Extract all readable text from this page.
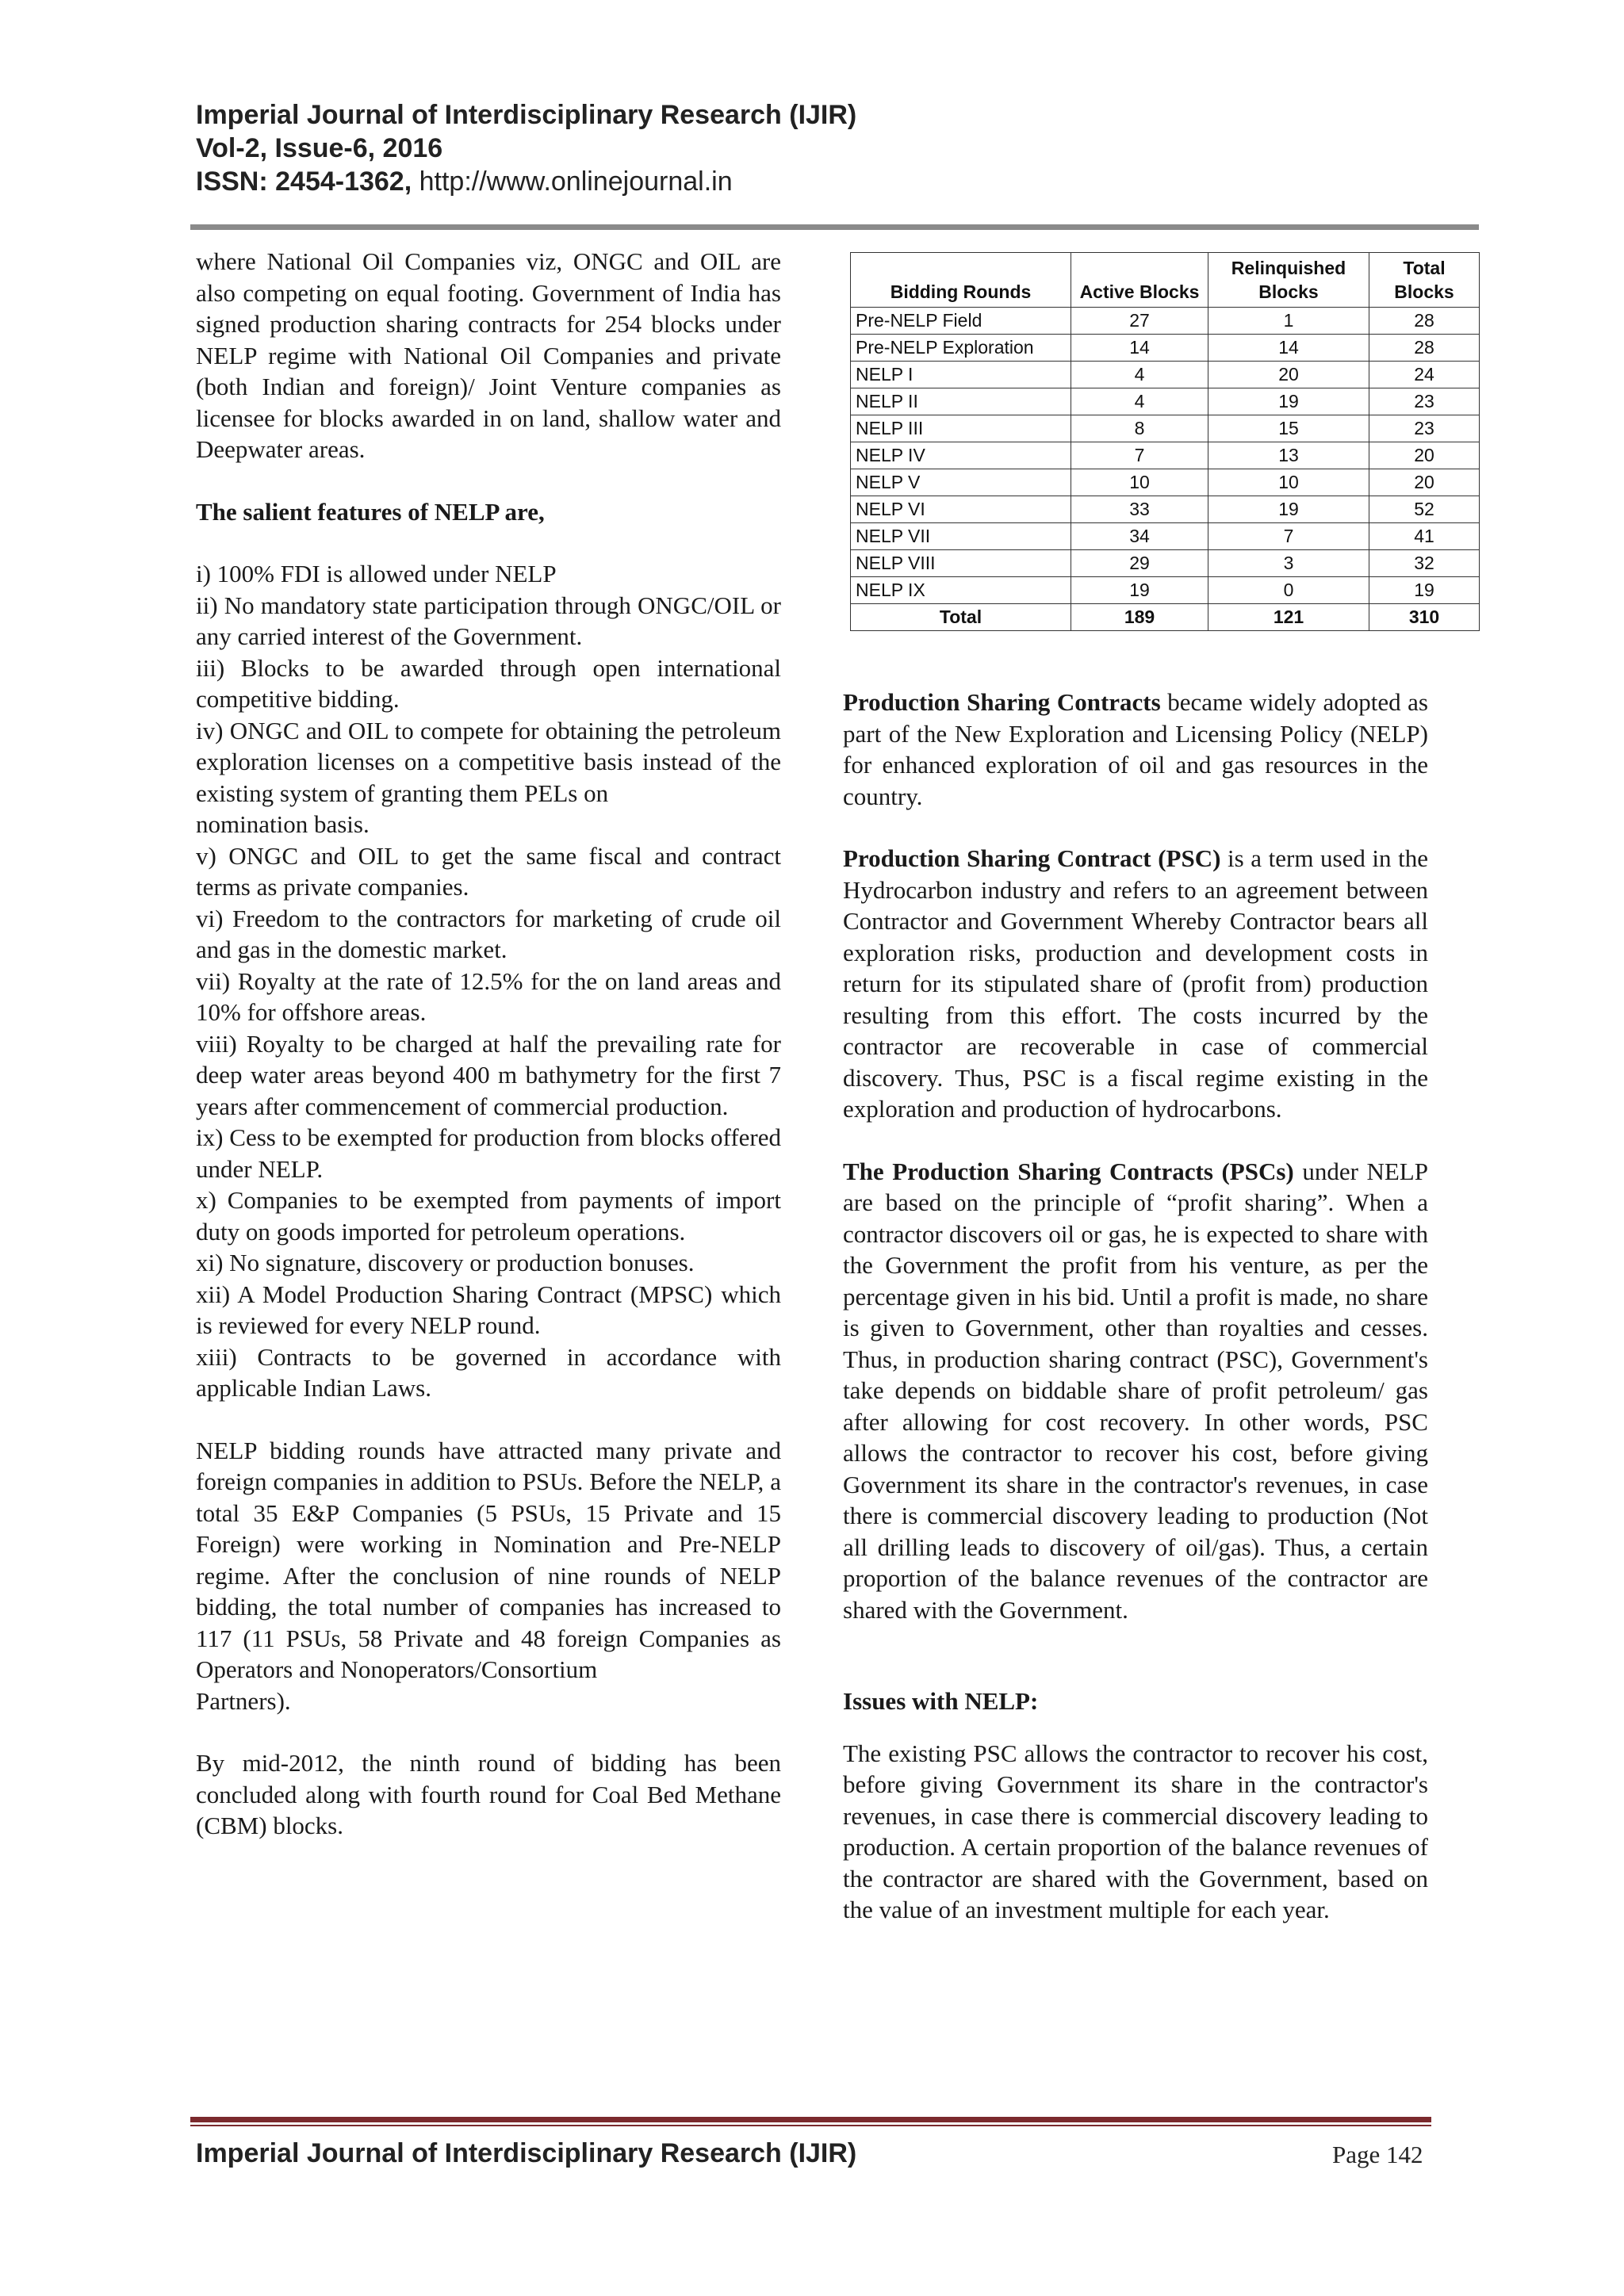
Imperial Journal of Interdisciplinary Research (IJIR)
Vol-2, Issue-6, 2016
ISSN: 2454-1362, http://www.onlinejournal.in

where National Oil Companies viz, ONGC and OIL are also competing on equal footing. Government of India has signed production sharing contracts for 254 blocks under NELP regime with National Oil Companies and private (both Indian and foreign)/ Joint Venture companies as licensee for blocks awarded in on land, shallow water and Deepwater areas.

The salient features of NELP are,

i) 100% FDI is allowed under NELP

ii) No mandatory state participation through ONGC/OIL or any carried interest of the Government.

iii) Blocks to be awarded through open international competitive bidding.

iv) ONGC and OIL to compete for obtaining the petroleum exploration licenses on a competitive basis instead of the existing system of granting them PELs on

nomination basis.

v) ONGC and OIL to get the same fiscal and contract terms as private companies.

vi) Freedom to the contractors for marketing of crude oil and gas in the domestic market.

vii) Royalty at the rate of 12.5% for the on land areas and 10% for offshore areas.

viii) Royalty to be charged at half the prevailing rate for deep water areas beyond 400 m bathymetry for the first 7 years after commencement of commercial production.

ix) Cess to be exempted for production from blocks offered under NELP.

x) Companies to be exempted from payments of import duty on goods imported for petroleum operations.

xi) No signature, discovery or production bonuses.

xii) A Model Production Sharing Contract (MPSC) which is reviewed for every NELP round.

xiii) Contracts to be governed in accordance with applicable Indian Laws.

NELP bidding rounds have attracted many private and foreign companies in addition to PSUs. Before the NELP, a total 35 E&P Companies (5 PSUs, 15 Private and 15 Foreign) were working in Nomination and Pre-NELP regime. After the conclusion of nine rounds of NELP bidding, the total number of companies has increased to 117 (11 PSUs, 58 Private and 48 foreign Companies as Operators and Nonoperators/Consortium

Partners).

By mid-2012, the ninth round of bidding has been concluded along with fourth round for Coal Bed Methane (CBM) blocks.

Bidding Rounds	Active Blocks	Relinquished Blocks	Total Blocks
Pre-NELP Field	27	1	28
Pre-NELP Exploration	14	14	28
NELP I	4	20	24
NELP II	4	19	23
NELP III	8	15	23
NELP IV	7	13	20
NELP V	10	10	20
NELP VI	33	19	52
NELP VII	34	7	41
NELP VIII	29	3	32
NELP IX	19	0	19
Total	189	121	310

Production Sharing Contracts became widely adopted as part of the New Exploration and Licensing Policy (NELP) for enhanced exploration of oil and gas resources in the country.

Production Sharing Contract (PSC) is a term used in the Hydrocarbon industry and refers to an agreement between Contractor and Government Whereby Contractor bears all exploration risks, production and development costs in return for its stipulated share of (profit from) production resulting from this effort. The costs incurred by the contractor are recoverable in case of commercial discovery. Thus, PSC is a fiscal regime existing in the exploration and production of hydrocarbons.

The Production Sharing Contracts (PSCs) under NELP are based on the principle of “profit sharing”. When a contractor discovers oil or gas, he is expected to share with the Government the profit from his venture, as per the percentage given in his bid. Until a profit is made, no share is given to Government, other than royalties and cesses. Thus, in production sharing contract (PSC), Government's take depends on biddable share of profit petroleum/ gas after allowing for cost recovery. In other words, PSC allows the contractor to recover his cost, before giving Government its share in the contractor's revenues, in case there is commercial discovery leading to production (Not all drilling leads to discovery of oil/gas). Thus, a certain proportion of the balance revenues of the contractor are shared with the Government.

Issues with NELP:

The existing PSC allows the contractor to recover his cost, before giving Government its share in the contractor's revenues, in case there is commercial discovery leading to production. A certain proportion of the balance revenues of the contractor are shared with the Government, based on the value of an investment multiple for each year.

Imperial Journal of Interdisciplinary Research (IJIR)	Page 142
